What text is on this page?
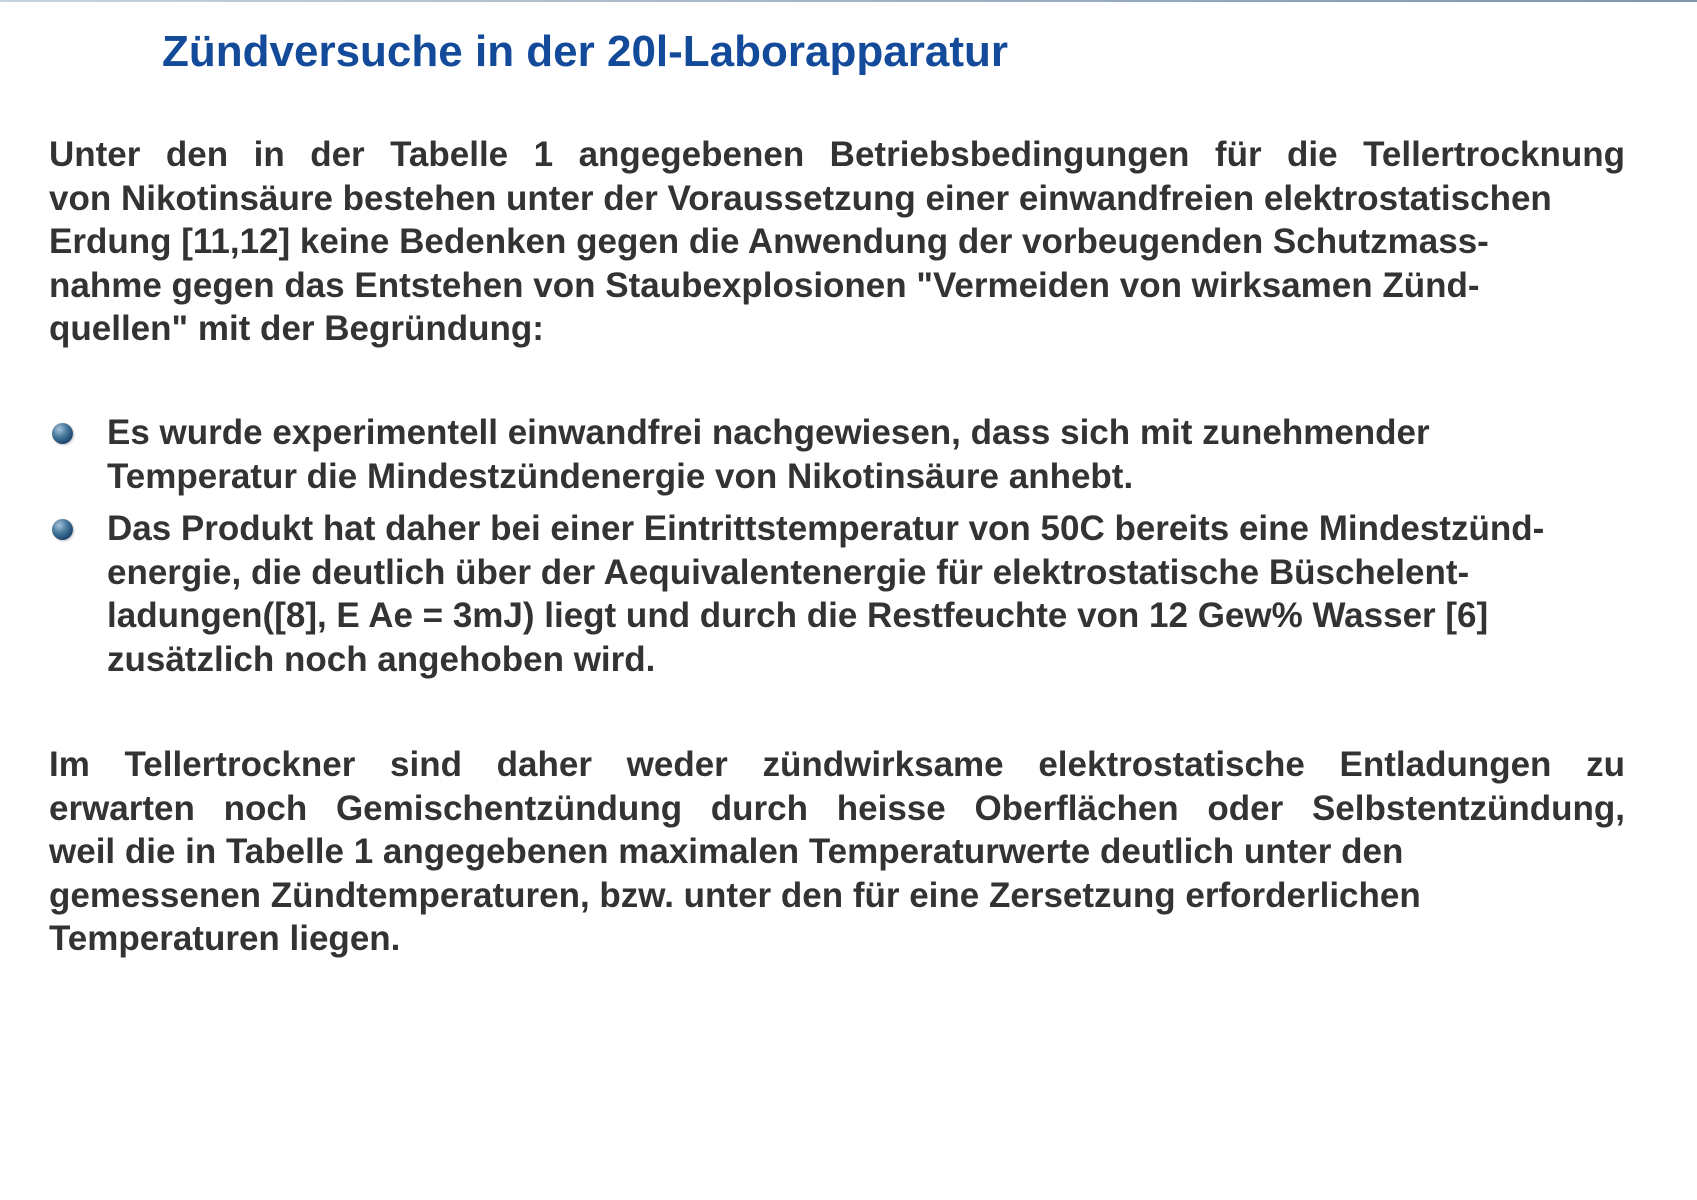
Zündversuche in der 20l-Laborapparatur
Unter den in der Tabelle 1 angegebenen Betriebsbedingungen für die Tellertrocknung
von Nikotinsäure bestehen unter der Voraussetzung einer einwandfreien elektrostatischen
Erdung [11,12] keine Bedenken gegen die Anwendung der vorbeugenden Schutzmass-
nahme gegen das Entstehen von Staubexplosionen "Vermeiden von wirksamen Zünd-
quellen" mit der Begründung:
Es wurde experimentell einwandfrei nachgewiesen, dass sich mit zunehmender
Temperatur die Mindestzündenergie von Nikotinsäure anhebt.
Das Produkt hat daher bei einer Eintrittstemperatur von 50C bereits eine Mindestzünd-
energie, die deutlich über der Aequivalentenergie für elektrostatische Büschelent-
ladungen([8], E Ae = 3mJ) liegt und durch die Restfeuchte von 12 Gew% Wasser [6]
zusätzlich noch angehoben wird.
Im Tellertrockner sind daher weder zündwirksame elektrostatische Entladungen zu
erwarten noch Gemischentzündung durch heisse Oberflächen oder Selbstentzündung,
weil die in Tabelle 1 angegebenen maximalen Temperaturwerte deutlich unter den
gemessenen Zündtemperaturen, bzw. unter den für eine Zersetzung erforderlichen
Temperaturen liegen.
